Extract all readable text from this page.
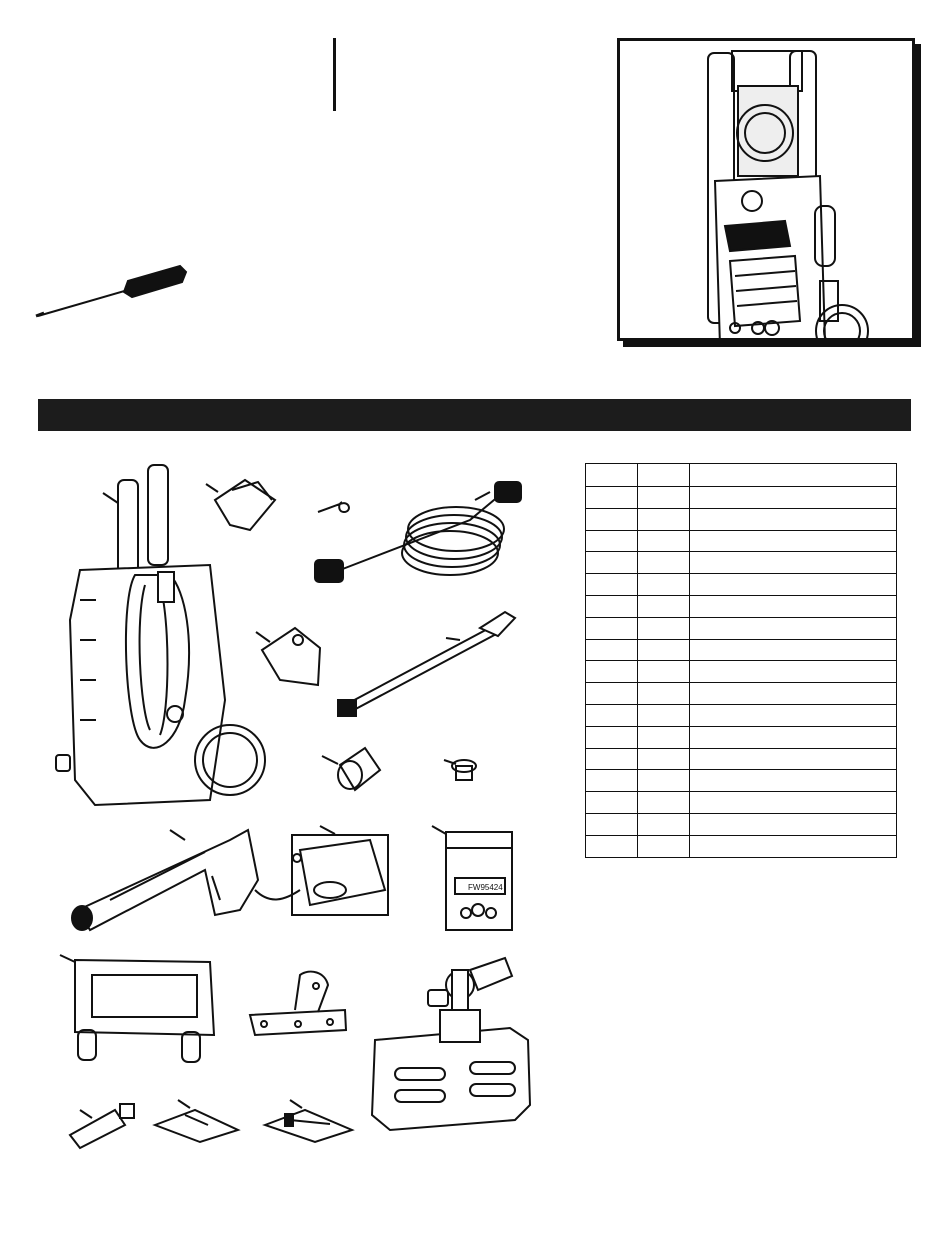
FW95424
